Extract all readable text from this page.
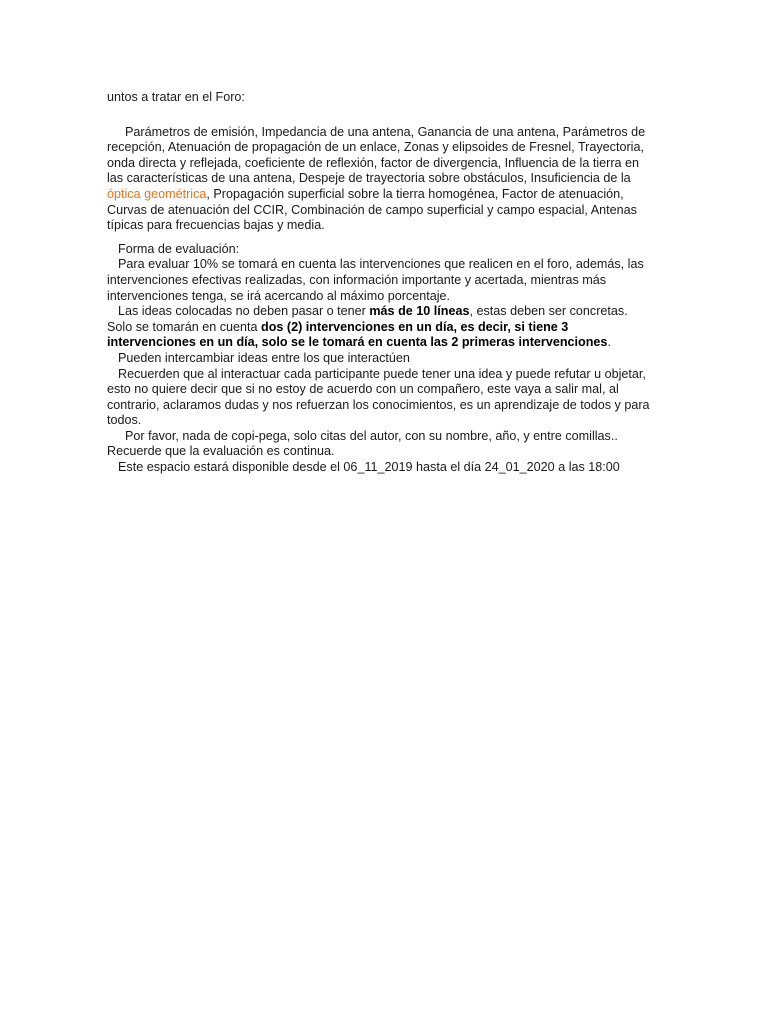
untos a tratar en el Foro:

Parámetros de emisión, Impedancia de una antena, Ganancia de una antena, Parámetros de recepción, Atenuación de propagación de un enlace, Zonas y elipsoides de Fresnel, Trayectoria, onda directa y reflejada, coeficiente de reflexión, factor de divergencia, Influencia de la tierra en las características de una antena, Despeje de trayectoria sobre obstáculos, Insuficiencia de la óptica geométrica, Propagación superficial sobre la tierra homogénea, Factor de atenuación, Curvas de atenuación del CCIR, Combinación de campo superficial y campo espacial, Antenas típicas para frecuencias bajas y media.

Forma de evaluación:

Para evaluar 10% se tomará en cuenta las intervenciones que realicen en el foro, además, las intervenciones efectivas realizadas, con información importante y acertada, mientras más intervenciones tenga, se irá acercando al máximo porcentaje.

Las ideas colocadas no deben pasar o tener más de 10 líneas, estas deben ser concretas. Solo se tomarán en cuenta dos (2) intervenciones en un día, es decir, si tiene 3 intervenciones en un día, solo se le tomará en cuenta las 2 primeras intervenciones.

Pueden intercambiar ideas entre los que interactúen

Recuerden que al interactuar cada participante puede tener una idea y puede refutar u objetar, esto no quiere decir que si no estoy de acuerdo con un compañero, este vaya a salir mal, al contrario, aclaramos dudas y nos refuerzan los conocimientos, es un aprendizaje de todos y para todos.

Por favor, nada de copi-pega, solo citas del autor, con su nombre, año, y entre comillas.. Recuerde que la evaluación es continua.

Este espacio estará disponible desde el 06_11_2019 hasta el día 24_01_2020 a las 18:00
